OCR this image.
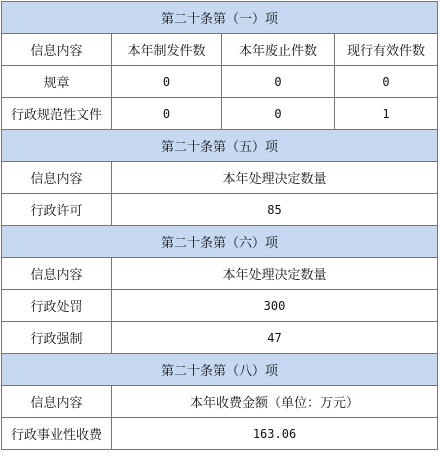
第二十条第（一）项			
信息内容	本年制发件数	本年废止件数	现行有效件数
规章	0	0	0
行政规范性文件	0	0	1
第二十条第（五）项			
信息内容	本年处理决定数量		
行政许可	85		
第二十条第（六）项			
信息内容	本年处理决定数量		
行政处罚	300		
行政强制	47		
第二十条第（八）项			
信息内容	本年收费金额（单位：万元）		
行政事业性收费	163.06		
